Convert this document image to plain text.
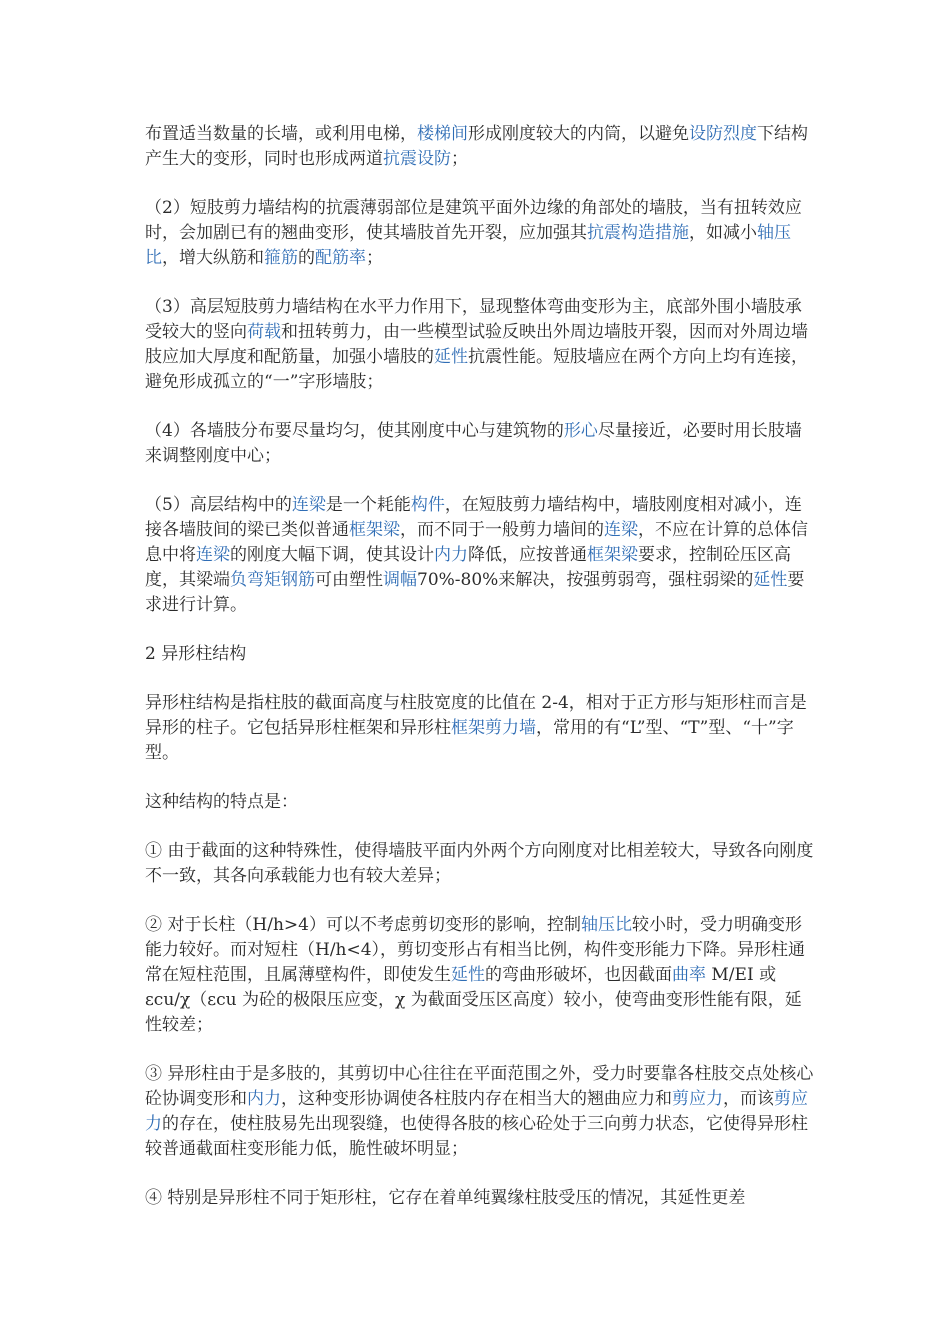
布置适当数量的长墙，或利用电梯，楼梯间形成刚度较大的内筒，以避免设防烈度下结构产生大的变形，同时也形成两道抗震设防；

（2）短肢剪力墙结构的抗震薄弱部位是建筑平面外边缘的角部处的墙肢，当有扭转效应时，会加剧已有的翘曲变形，使其墙肢首先开裂，应加强其抗震构造措施，如减小轴压比，增大纵筋和箍筋的配筋率；

（3）高层短肢剪力墙结构在水平力作用下，显现整体弯曲变形为主，底部外围小墙肢承受较大的竖向荷载和扭转剪力，由一些模型试验反映出外周边墙肢开裂，因而对外周边墙肢应加大厚度和配筋量，加强小墙肢的延性抗震性能。短肢墙应在两个方向上均有连接，避免形成孤立的“一”字形墙肢；

（4）各墙肢分布要尽量均匀，使其刚度中心与建筑物的形心尽量接近，必要时用长肢墙来调整刚度中心；

（5）高层结构中的连梁是一个耗能构件，在短肢剪力墙结构中，墙肢刚度相对减小，连接各墙肢间的梁已类似普通框架梁，而不同于一般剪力墙间的连梁，不应在计算的总体信息中将连梁的刚度大幅下调，使其设计内力降低，应按普通框架梁要求，控制砼压区高度，其梁端负弯矩钢筋可由塑性调幅70%-80%来解决，按强剪弱弯，强柱弱梁的延性要求进行计算。

2 异形柱结构

异形柱结构是指柱肢的截面高度与柱肢宽度的比值在 2-4，相对于正方形与矩形柱而言是异形的柱子。它包括异形柱框架和异形柱框架剪力墙，常用的有“L”型、“T”型、“十”字型。

这种结构的特点是：

① 由于截面的这种特殊性，使得墙肢平面内外两个方向刚度对比相差较大，导致各向刚度不一致，其各向承载能力也有较大差异；

② 对于长柱（H/h>4）可以不考虑剪切变形的影响，控制轴压比较小时，受力明确变形能力较好。而对短柱（H/h<4），剪切变形占有相当比例，构件变形能力下降。异形柱通常在短柱范围，且属薄壁构件，即使发生延性的弯曲形破坏，也因截面曲率 M/EI 或 εcu/χ（εcu 为砼的极限压应变，χ 为截面受压区高度）较小，使弯曲变形性能有限，延性较差；

③ 异形柱由于是多肢的，其剪切中心往往在平面范围之外，受力时要靠各柱肢交点处核心砼协调变形和内力，这种变形协调使各柱肢内存在相当大的翘曲应力和剪应力，而该剪应力的存在，使柱肢易先出现裂缝，也使得各肢的核心砼处于三向剪力状态，它使得异形柱较普通截面柱变形能力低，脆性破坏明显；

④ 特别是异形柱不同于矩形柱，它存在着单纯翼缘柱肢受压的情况，其延性更差
